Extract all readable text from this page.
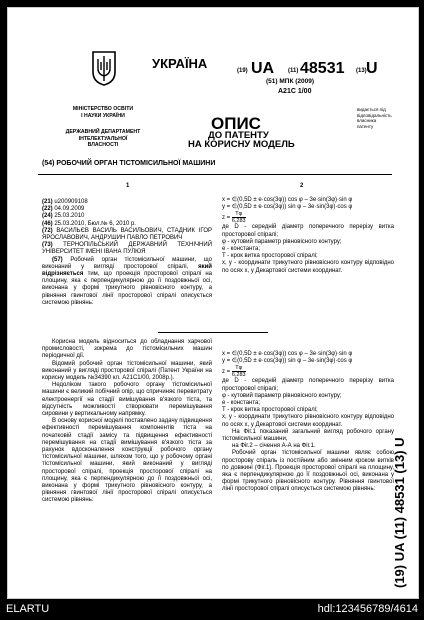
УКРАЇНА
МІНІСТЕРСТВО ОСВІТИ
І НАУКИ УКРАЇНИ
ДЕРЖАВНИЙ ДЕПАРТАМЕНТ
ІНТЕЛЕКТУАЛЬНОЇ
ВЛАСНОСТІ
(19) UA (11) 48531 (13) U
(51) МПК (2009)
A21C 1/00
ОПИС
ДО ПАТЕНТУ
НА КОРИСНУ МОДЕЛЬ
видається під
відповідальність
власника
патенту
(54) РОБОЧИЙ ОРГАН ТІСТОМІСИЛЬНОЇ МАШИНИ
1	2
(21) u200909108
(22) 04.09.2009
(24) 25.03.2010
(46) 25.03.2010, Бюл.№ 6, 2010 р.
(72) ВАСИЛЬЄВ ВАСИЛЬ ВАСИЛЬОВИЧ, СТАДНИК ІГОР ЯРОСЛАВОВИЧ, АНДРУШИН ПАВЛО ПЕТРОВИЧ
(73) ТЕРНОПІЛЬСЬКИЙ ДЕРЖАВНИЙ ТЕХНІЧНИЙ УНІВЕРСИТЕТ ІМЕНІ ІВАНА ПУЛЮЯ
(57) Робочий орган тістомісильної машини, що виконаний у вигляді просторової спіралі, який відрізняється тим, що проекція просторової спіралі на площину, яка є перпендикулярною до її поздовжньої осі, виконана у формі трикутного рівновісного контуру, а рівняння гвинтової лінії просторової спіралі описується системою рівнянь:
x = ∈(0,5D ± e·cos(3φ)) cos φ – 3e·sin(3φ)·sin φ
y = ∈(0,5D ± e·cos(3φ)) sin φ – 3e·sin(3φ)·cos φ
$z = \frac{T\varphi}{6,283}$
де D - середній діаметр поперечного перерізу витка просторової спіралі;
φ - кутовий параметр рівновісного контуру;
e - константа;
T - крок витка просторової спіралі;
x, y - координати трикутного рівновісного контуру відповідно по осях x, y Декартової системи координат.
Корисна модель відноситься до обладнання харчової промисловості, зокрема до тістомісильних машин періодичної дії.
Відомий робочий орган тістомісильної машини, який виконаний у вигляді просторової спіралі (Патент України на корисну модель №34390 кл. A21C1/00, 2008р.).
Недоліком такого робочого органу тістомісильної машини є великий побічний опір, що спричиняє перевитрату електроенергії на стадії вимішування в'язкого тіста, та відсутність можливості створювати перемішування сировини у вертикальному напрямку.
В основу корисної моделі поставлено задачу підвищення ефективності перемішування компонентів тіста на початковій стадії замісу та підвищення ефективності перемішування на стадії вимішування в'язкого тіста за рахунок вдосконалення конструкції робочого органу тістомісильної машини, шляхом того, що у робочому органі тістомісильної машини, який виконаний у вигляді просторової спіралі, проекція просторової спіралі на площину, яка є перпендикулярною до її поздовжньої осі, виконана у формі трикутного рівновісного контуру, а рівняння гвинтової лінії просторової спіралі описується системою рівнянь:
x = ∈(0,5D ± e·cos(3φ)) cos φ – 3e·sin(3φ)·sin φ
y = ∈(0,5D ± e·cos(3φ)) sin φ – 3e·sin(3φ)·cos φ
$z = \frac{T\varphi}{6,283}$
де D - середній діаметр поперечного перерізу витка просторової спіралі;
φ - кутовий параметр рівновісного контуру;
e - константа;
T - крок витка просторової спіралі;
x, y - координати трикутного рівновісного контуру відповідно по осях x, y Декартової системи координат.
На Фіг.1 показаний загальний вигляд робочого органу тістомісильної машини,
на Фіг.2 – січення А-А на Фіг.1.
Робочий орган тістомісильної машини являє собою просторову спіраль із постійним або змінним кроком витків по довжині (Фіг.1). Проекція просторової спіралі на площину, яка є перпендикулярною до її поздовжньої осі, виконана у формі трикутного рівновісного контуру. Рівняння гвинтової лінії просторової спіралі описується системою рівнянь:	(19) UA (11) 48531 (13) U
ELARTU	hdl:123456789/4614
